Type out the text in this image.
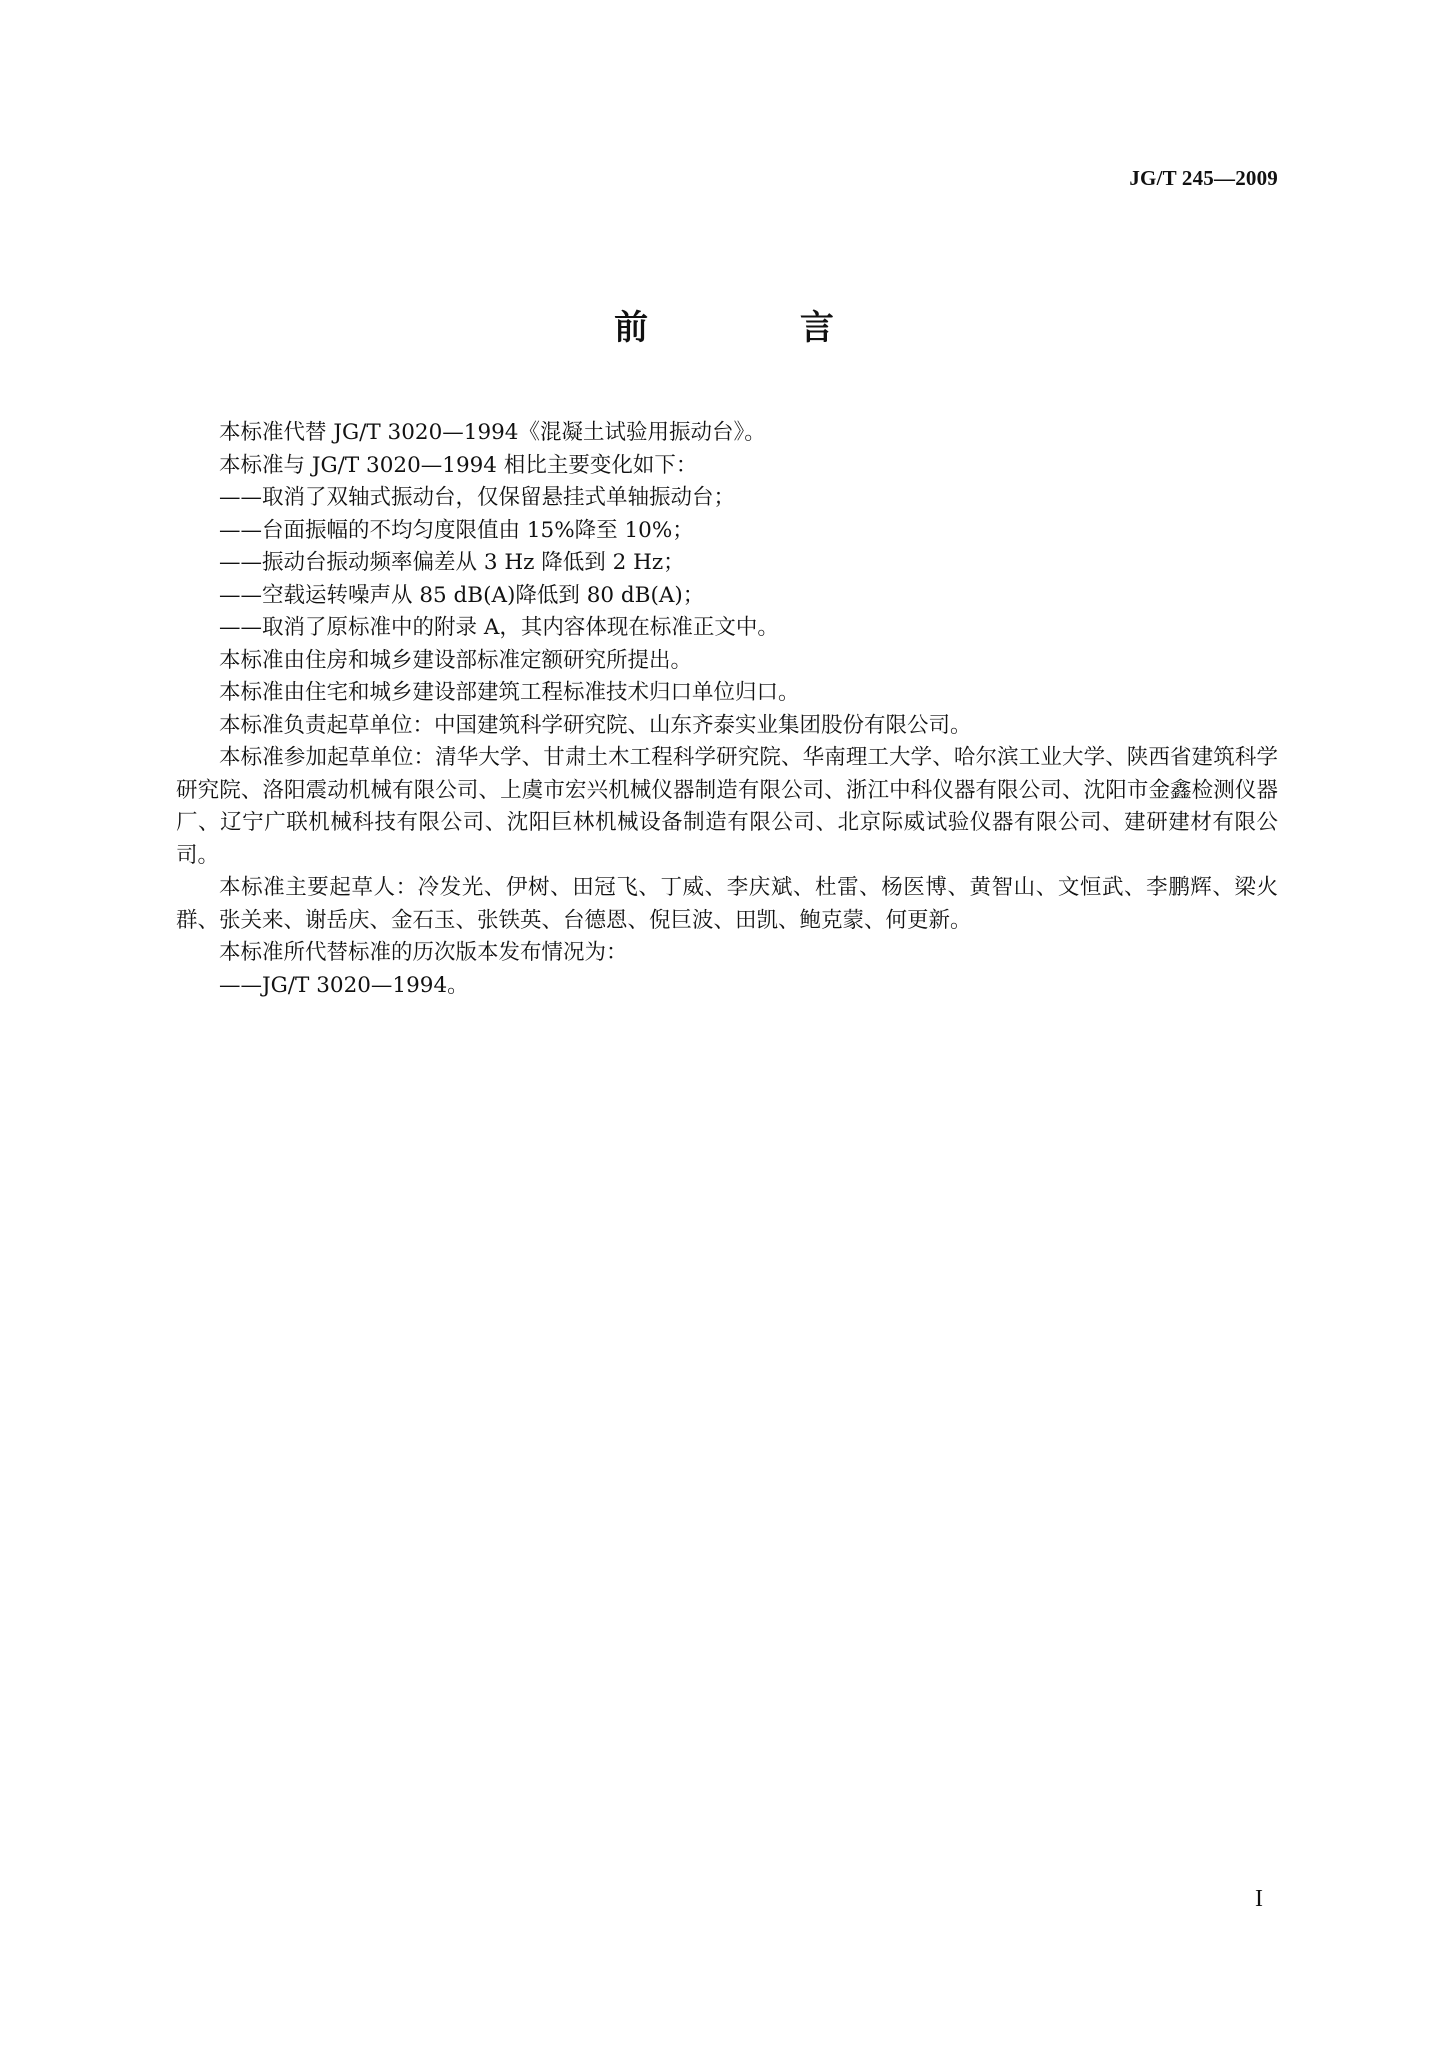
JG/T 245—2009
前 言

本标准代替 JG/T 3020—1994《混凝土试验用振动台》。

本标准与 JG/T 3020—1994 相比主要变化如下：

——取消了双轴式振动台，仅保留悬挂式单轴振动台；

——台面振幅的不均匀度限值由 15%降至 10%；

——振动台振动频率偏差从 3 Hz 降低到 2 Hz；

——空载运转噪声从 85 dB(A)降低到 80 dB(A)；

——取消了原标准中的附录 A，其内容体现在标准正文中。

本标准由住房和城乡建设部标准定额研究所提出。

本标准由住宅和城乡建设部建筑工程标准技术归口单位归口。

本标准负责起草单位：中国建筑科学研究院、山东齐泰实业集团股份有限公司。

本标准参加起草单位：清华大学、甘肃土木工程科学研究院、华南理工大学、哈尔滨工业大学、陕西省建筑科学研究院、洛阳震动机械有限公司、上虞市宏兴机械仪器制造有限公司、浙江中科仪器有限公司、沈阳市金鑫检测仪器厂、辽宁广联机械科技有限公司、沈阳巨林机械设备制造有限公司、北京际威试验仪器有限公司、建研建材有限公司。

本标准主要起草人：冷发光、伊树、田冠飞、丁威、李庆斌、杜雷、杨医博、黄智山、文恒武、李鹏辉、梁火群、张关来、谢岳庆、金石玉、张铁英、台德恩、倪巨波、田凯、鲍克蒙、何更新。

本标准所代替标准的历次版本发布情况为：

——JG/T 3020—1994。

I
